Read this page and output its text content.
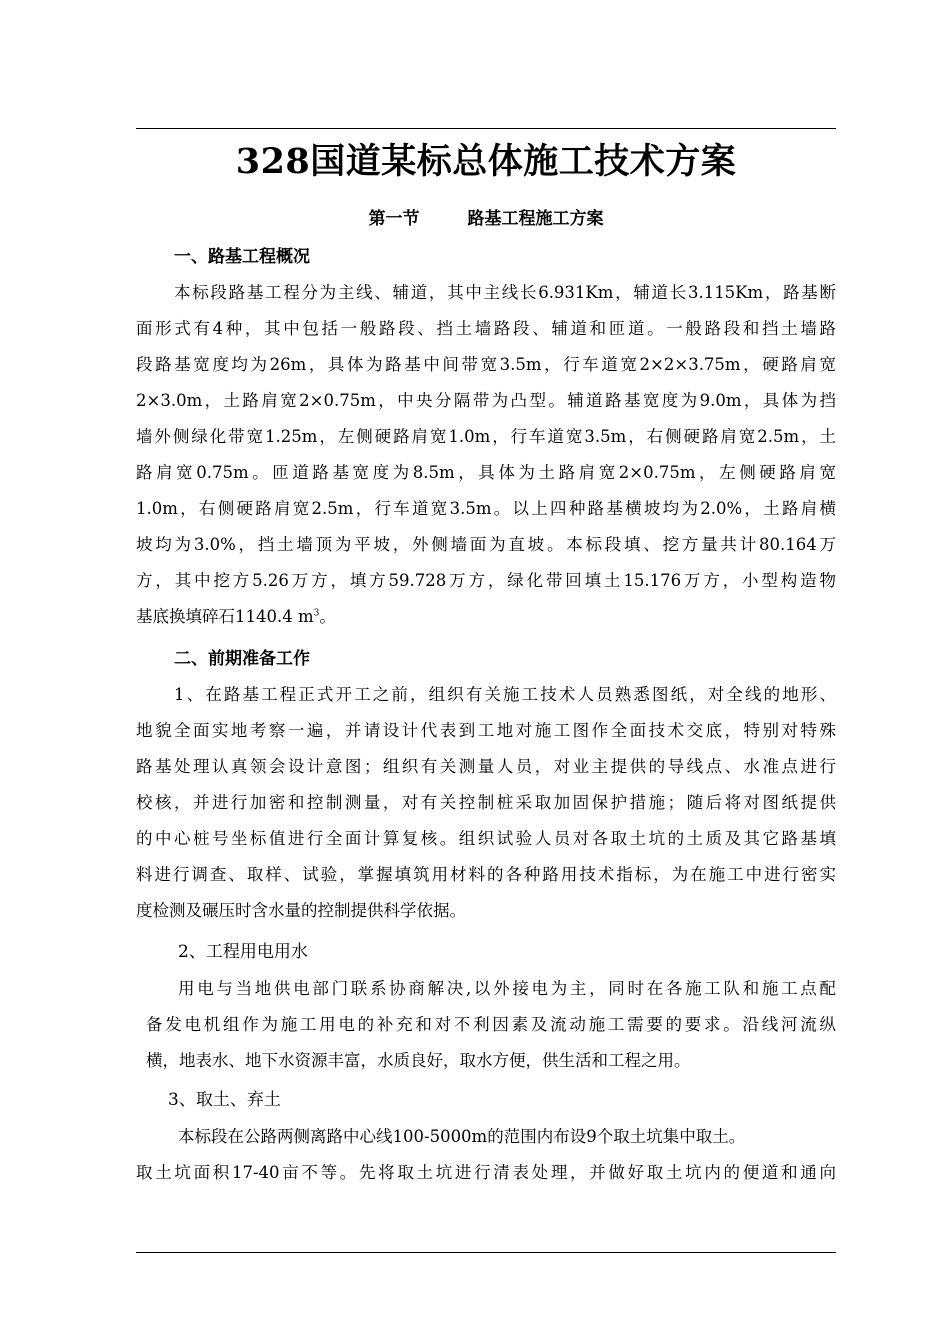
328国道某标总体施工技术方案
第一节	路基工程施工方案
一、路基工程概况
本标段路基工程分为主线、辅道，其中主线长6.931Km，辅道长3.115Km，路基断
面形式有4种，其中包括一般路段、挡土墙路段、辅道和匝道。一般路段和挡土墙路
段路基宽度均为26m，具体为路基中间带宽3.5m，行车道宽2×2×3.75m，硬路肩宽
2×3.0m，土路肩宽2×0.75m，中央分隔带为凸型。辅道路基宽度为9.0m，具体为挡
墙外侧绿化带宽1.25m，左侧硬路肩宽1.0m，行车道宽3.5m，右侧硬路肩宽2.5m，土
路肩宽0.75m。匝道路基宽度为8.5m，具体为土路肩宽2×0.75m，左侧硬路肩宽
1.0m，右侧硬路肩宽2.5m，行车道宽3.5m。以上四种路基横坡均为2.0%，土路肩横
坡均为3.0%，挡土墙顶为平坡，外侧墙面为直坡。本标段填、挖方量共计80.164万
方，其中挖方5.26万方，填方59.728万方，绿化带回填土15.176万方，小型构造物
基底换填碎石1140.4 $m^3$。
二、前期准备工作
1、在路基工程正式开工之前，组织有关施工技术人员熟悉图纸，对全线的地形、
地貌全面实地考察一遍，并请设计代表到工地对施工图作全面技术交底，特别对特殊
路基处理认真领会设计意图；组织有关测量人员，对业主提供的导线点、水准点进行
校核，并进行加密和控制测量，对有关控制桩采取加固保护措施；随后将对图纸提供
的中心桩号坐标值进行全面计算复核。组织试验人员对各取土坑的土质及其它路基填
料进行调查、取样、试验，掌握填筑用材料的各种路用技术指标，为在施工中进行密实
度检测及碾压时含水量的控制提供科学依据。
2、工程用电用水
用电与当地供电部门联系协商解决,以外接电为主，同时在各施工队和施工点配
备发电机组作为施工用电的补充和对不利因素及流动施工需要的要求。沿线河流纵
横，地表水、地下水资源丰富，水质良好，取水方便，供生活和工程之用。
3、取土、弃土
本标段在公路两侧离路中心线100-5000m的范围内布设9个取土坑集中取土。
取土坑面积17-40亩不等。先将取土坑进行清表处理，并做好取土坑内的便道和通向
